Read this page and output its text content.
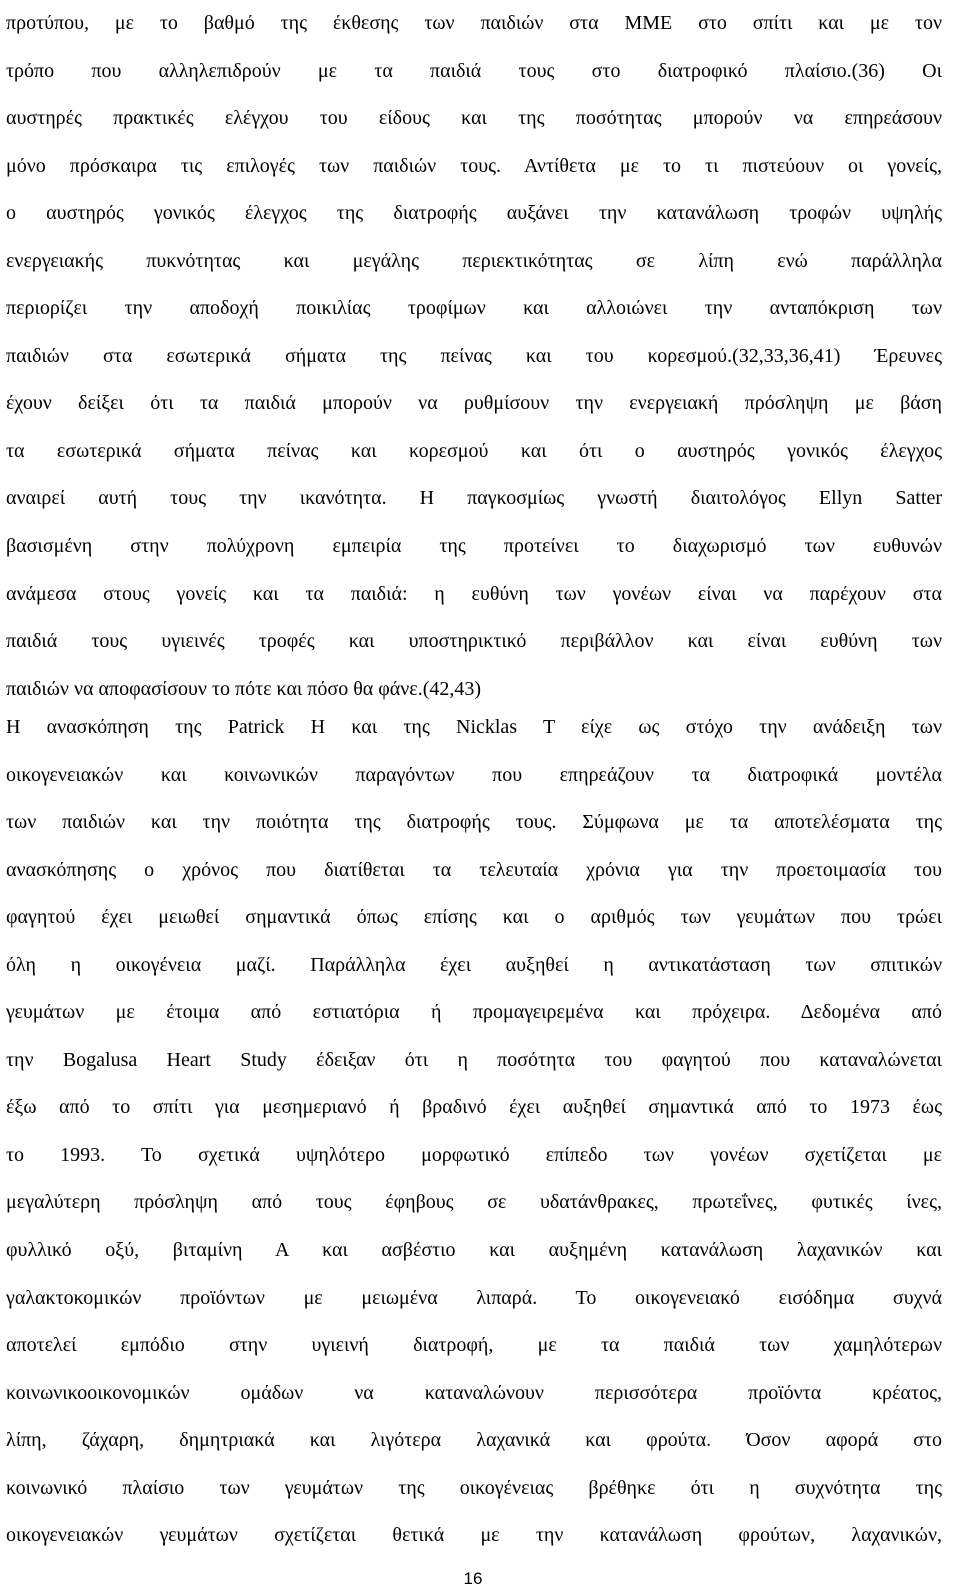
προτύπου, με το βαθμό της έκθεσης των παιδιών στα ΜΜΕ στο σπίτι και με τον
τρόπο που αλληλεπιδρούν με τα παιδιά τους στο διατροφικό πλαίσιο.(36) Οι
αυστηρές πρακτικές ελέγχου του είδους και της ποσότητας μπορούν να επηρεάσουν
μόνο πρόσκαιρα τις επιλογές των παιδιών τους. Αντίθετα με το τι πιστεύουν οι γονείς,
ο αυστηρός γονικός έλεγχος της διατροφής αυξάνει την κατανάλωση τροφών υψηλής
ενεργειακής πυκνότητας και μεγάλης περιεκτικότητας σε λίπη ενώ παράλληλα
περιορίζει την αποδοχή ποικιλίας τροφίμων και αλλοιώνει την ανταπόκριση των
παιδιών στα εσωτερικά σήματα της πείνας και του κορεσμού.(32,33,36,41) Έρευνες
έχουν δείξει ότι τα παιδιά μπορούν να ρυθμίσουν την ενεργειακή πρόσληψη με βάση
τα εσωτερικά σήματα πείνας και κορεσμού και ότι ο αυστηρός γονικός έλεγχος
αναιρεί αυτή τους την ικανότητα. Η παγκοσμίως γνωστή διαιτολόγος Ellyn Satter
βασισμένη στην πολύχρονη εμπειρία της προτείνει το διαχωρισμό των ευθυνών
ανάμεσα στους γονείς και τα παιδιά: η ευθύνη των γονέων είναι να παρέχουν στα
παιδιά τους υγιεινές τροφές και υποστηρικτικό περιβάλλον και είναι ευθύνη των
παιδιών να αποφασίσουν το πότε και πόσο θα φάνε.(42,43)
Η ανασκόπηση της Patrick H και της Nicklas T είχε ως στόχο την ανάδειξη των
οικογενειακών και κοινωνικών παραγόντων που επηρεάζουν τα διατροφικά μοντέλα
των παιδιών και την ποιότητα της διατροφής τους. Σύμφωνα με τα αποτελέσματα της
ανασκόπησης ο χρόνος που διατίθεται τα τελευταία χρόνια για την προετοιμασία του
φαγητού έχει μειωθεί σημαντικά όπως επίσης και ο αριθμός των γευμάτων που τρώει
όλη η οικογένεια μαζί. Παράλληλα έχει αυξηθεί η αντικατάσταση των σπιτικών
γευμάτων με έτοιμα από εστιατόρια ή προμαγειρεμένα και πρόχειρα. Δεδομένα από
την Bogalusa Heart Study έδειξαν ότι η ποσότητα του φαγητού που καταναλώνεται
έξω από το σπίτι για μεσημεριανό ή βραδινό έχει αυξηθεί σημαντικά από το 1973 έως
το 1993. Το σχετικά υψηλότερο μορφωτικό επίπεδο των γονέων σχετίζεται με
μεγαλύτερη πρόσληψη από τους έφηβους σε υδατάνθρακες, πρωτεΐνες, φυτικές ίνες,
φυλλικό οξύ, βιταμίνη Α και ασβέστιο και αυξημένη κατανάλωση λαχανικών και
γαλακτοκομικών προϊόντων με μειωμένα λιπαρά. Το οικογενειακό εισόδημα συχνά
αποτελεί εμπόδιο στην υγιεινή διατροφή, με τα παιδιά των χαμηλότερων
κοινωνικοοικονομικών ομάδων να καταναλώνουν περισσότερα προϊόντα κρέατος,
λίπη, ζάχαρη, δημητριακά και λιγότερα λαχανικά και φρούτα. Όσον αφορά στο
κοινωνικό πλαίσιο των γευμάτων της οικογένειας βρέθηκε ότι η συχνότητα της
οικογενειακών γευμάτων σχετίζεται θετικά με την κατανάλωση φρούτων, λαχανικών,
16
